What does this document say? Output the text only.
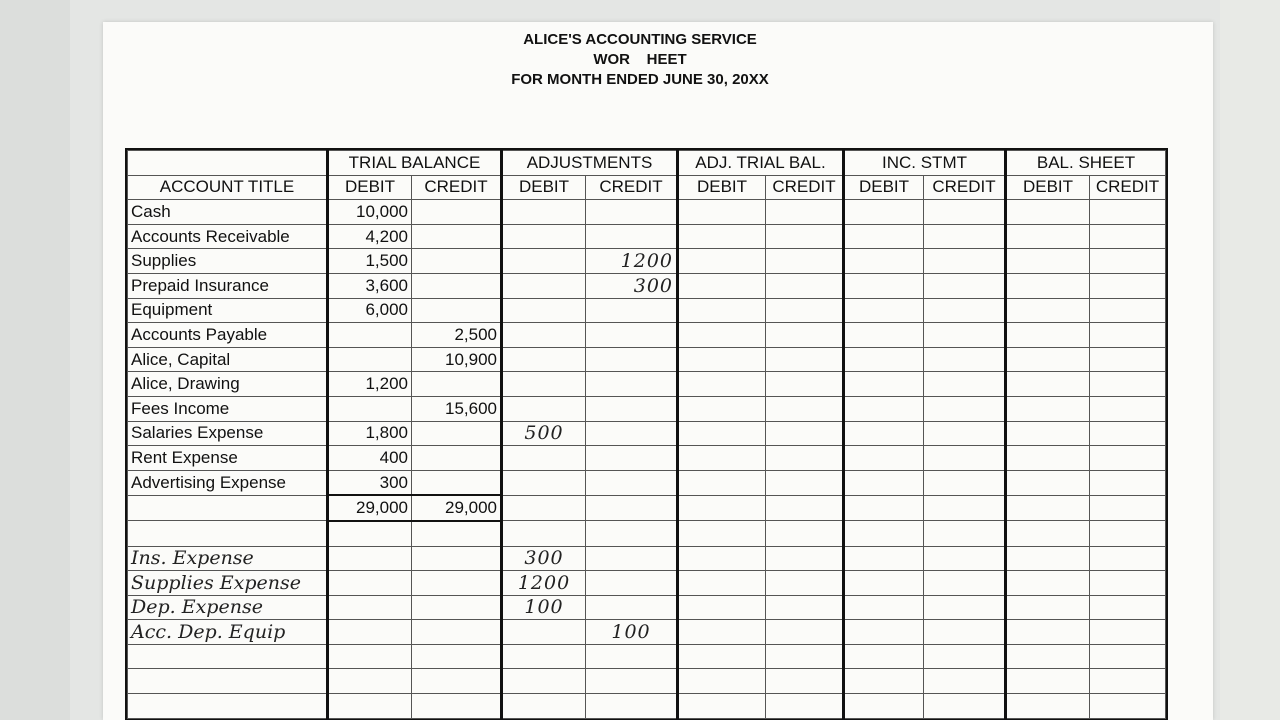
ALICE'S ACCOUNTING SERVICE
WOR    HEET
FOR MONTH ENDED JUNE 30, 20XX
	TRIAL BALANCE		ADJUSTMENTS		ADJ. TRIAL BAL.		INC. STMT		BAL. SHEET	
ACCOUNT TITLE	DEBIT	CREDIT	DEBIT	CREDIT	DEBIT	CREDIT	DEBIT	CREDIT	DEBIT	CREDIT
Cash	10,000									
Accounts Receivable	4,200									
Supplies	1,500			1200						
Prepaid Insurance	3,600			300						
Equipment	6,000									
Accounts Payable		2,500								
Alice, Capital		10,900								
Alice, Drawing	1,200									
Fees Income		15,600								
Salaries Expense	1,800		500							
Rent Expense	400									
Advertising Expense	300									
	29,000	29,000								

Ins. Expense			300							
Supplies Expense			1200							
Dep. Expense			100							
Acc. Dep. Equip				100						
